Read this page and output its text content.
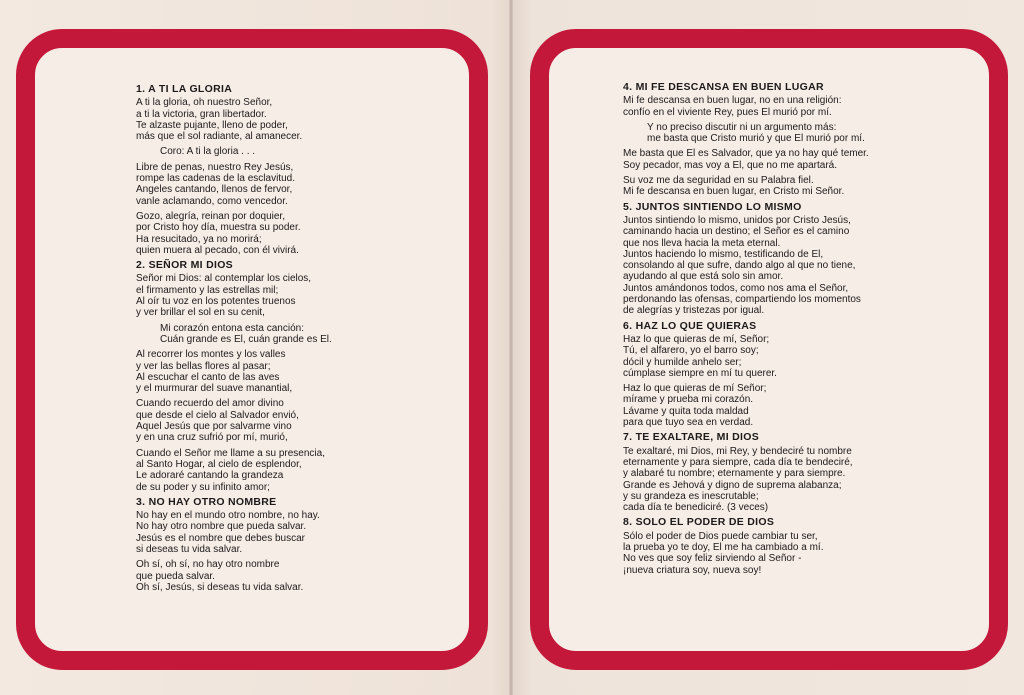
1. A TI LA GLORIA
A ti la gloria, oh nuestro Señor,
a ti la victoria, gran libertador.
Te alzaste pujante, lleno de poder,
más que el sol radiante, al amanecer.
Coro: A ti la gloria . . .
Libre de penas, nuestro Rey Jesús,
rompe las cadenas de la esclavitud.
Angeles cantando, llenos de fervor,
vanle aclamando, como vencedor.
Gozo, alegría, reinan por doquier,
por Cristo hoy día, muestra su poder.
Ha resucitado, ya no morirá;
quien muera al pecado, con él vivirá.
2. SEÑOR MI DIOS
Señor mi Dios: al contemplar los cielos,
el firmamento y las estrellas mil;
Al oír tu voz en los potentes truenos
y ver brillar el sol en su cenit,
Mi corazón entona esta canción:
Cuán grande es El, cuán grande es El.
Al recorrer los montes y los valles
y ver las bellas flores al pasar;
Al escuchar el canto de las aves
y el murmurar del suave manantial,
Cuando recuerdo del amor divino
que desde el cielo al Salvador envió,
Aquel Jesús que por salvarme vino
y en una cruz sufrió por mí, murió,
Cuando el Señor me llame a su presencia,
al Santo Hogar, al cielo de esplendor,
Le adoraré cantando la grandeza
de su poder y su infinito amor;
3. NO HAY OTRO NOMBRE
No hay en el mundo otro nombre, no hay.
No hay otro nombre que pueda salvar.
Jesús es el nombre que debes buscar
si deseas tu vida salvar.
Oh sí, oh sí, no hay otro nombre
que pueda salvar.
Oh sí, Jesús, si deseas tu vida salvar.
4. MI FE DESCANSA EN BUEN LUGAR
Mi fe descansa en buen lugar, no en una religión:
confío en el viviente Rey, pues El murió por mí.
Y no preciso discutir ni un argumento más:
me basta que Cristo murió y que El murió por mí.
Me basta que El es Salvador, que ya no hay qué temer.
Soy pecador, mas voy a El, que no me apartará.
Su voz me da seguridad en su Palabra fiel.
Mi fe descansa en buen lugar, en Cristo mi Señor.
5. JUNTOS SINTIENDO LO MISMO
Juntos sintiendo lo mismo, unidos por Cristo Jesús,
caminando hacia un destino; el Señor es el camino
que nos lleva hacia la meta eternal.
Juntos haciendo lo mismo, testificando de El,
consolando al que sufre, dando algo al que no tiene,
ayudando al que está solo sin amor.
Juntos amándonos todos, como nos ama el Señor,
perdonando las ofensas, compartiendo los momentos
de alegrías y tristezas por igual.
6. HAZ LO QUE QUIERAS
Haz lo que quieras de mí, Señor;
Tú, el alfarero, yo el barro soy;
dócil y humilde anhelo ser;
cúmplase siempre en mí tu querer.
Haz lo que quieras de mí Señor;
mírame y prueba mi corazón.
Lávame y quita toda maldad
para que tuyo sea en verdad.
7. TE EXALTARE, MI DIOS
Te exaltaré, mi Dios, mi Rey, y bendeciré tu nombre
eternamente y para siempre, cada día te bendeciré,
y alabaré tu nombre; eternamente y para siempre.
Grande es Jehová y digno de suprema alabanza;
y su grandeza es inescrutable;
cada día te benediciré. (3 veces)
8. SOLO EL PODER DE DIOS
Sólo el poder de Dios puede cambiar tu ser,
la prueba yo te doy, El me ha cambiado a mí.
No ves que soy feliz sirviendo al Señor -
¡nueva criatura soy, nueva soy!
